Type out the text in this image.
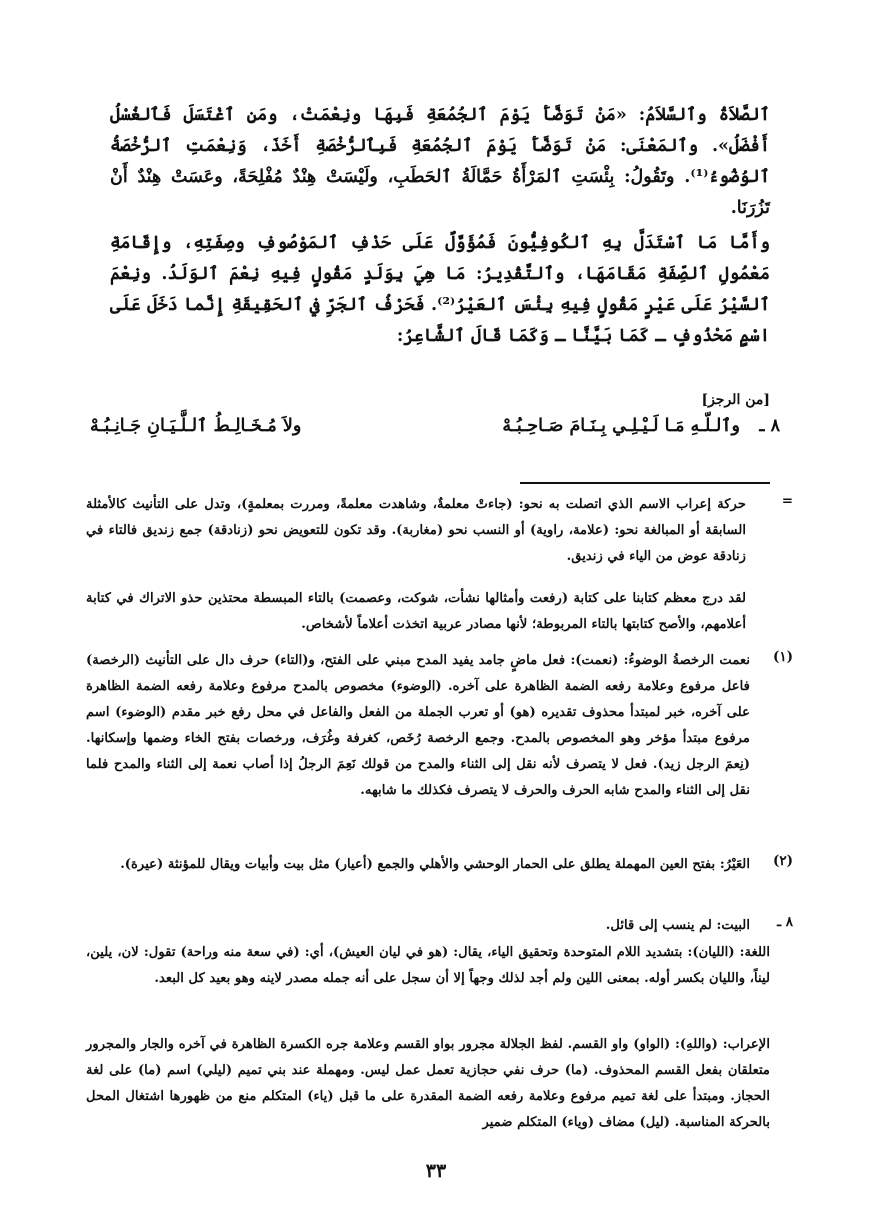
ٱلصَّلاَةُ وٱلسَّلاَمُ: «مَنْ تَوَضَّأَ يَوْمَ ٱلجُمُعَةِ فَبِهَا ونِعْمَتْ، ومَنِ ٱغْتَسَلَ فَٱلغُسْلُ أَفْضَلُ». وٱلمَعْنَى: مَنْ تَوَضَّأَ يَوْمَ ٱلجُمُعَةِ فَبِٱلرُّخْصَةِ أَخَذَ، وَنِعْمَتِ ٱلرُّخْصَةُ ٱلوُضُوءُ⁽¹⁾. وتَقُولُ: بِئْسَتِ ٱلمَرْأَةُ حَمَّالَةُ ٱلحَطَبِ، ولَيْسَتْ هِنْدٌ مُفْلِحَةً، وعَسَتْ هِنْدٌ أَنْ تَزُرَنَا.

وأَمَّا مَا ٱسْتَدَلَّ بِهِ ٱلكُوفِيُّونَ فَمُؤَوَّلٌ عَلَى حَذْفِ ٱلمَوْصُوفِ وصِفَتِهِ، وإِقَامَةِ مَعْمُولِ ٱلصِّفَةِ مَقَامَهَا، وٱلتَّقْدِيرُ: مَا هِيَ بِوَلَدٍ مَقُولٍ فِيهِ نِعْمَ ٱلوَلَدُ. ونِعْمَ ٱلسَّيْرُ عَلَى عَيْرٍ مَقُولٍ فِيهِ بِئْسَ ٱلعَيْرُ⁽²⁾. فَحَرْفُ ٱلجَرِّ في ٱلحَقِيقَةِ إِنَّما دَخَلَ عَلَى اسْمٍ مَحْذُوفٍ ـ كَمَا بَيَّنَّا ـ وَكَمَا قَالَ ٱلشَّاعِرُ:

[من الرجز]
٨ ـ
وٱلـلّـهِ مَـا لَـيْـلِـي بِـنَـامَ صَـاحِـبُـهْ
ولاَ مُـخَـالِـطُ ٱلـلَّـيَـانِ جَـانِـبُـهْ
=

حركة إعراب الاسم الذي اتصلت به نحو: (جاءتْ معلمةٌ، وشاهدت معلمةً، ومررت بمعلمةٍ)، وتدل على التأنيث كالأمثلة السابقة أو المبالغة نحو: (علامة، راوية) أو النسب نحو (مغاربة). وقد تكون للتعويض نحو (زنادقة) جمع زنديق فالتاء في زنادقة عوض من الياء في زنديق.

لقد درج معظم كتابنا على كتابة (رفعت وأمثالها نشأت، شوكت، وعصمت) بالتاء المبسطة محتذين حذو الاتراك في كتابة أعلامهم، والأصح كتابتها بالتاء المربوطة؛ لأنها مصادر عربية اتخذت أعلاماً لأشخاص.

(١)

نعمت الرخصةُ الوضوءُ: (نعمت): فعل ماضٍ جامد يفيد المدح مبني على الفتح، و(التاء) حرف دال على التأنيث (الرخصة) فاعل مرفوع وعلامة رفعه الضمة الظاهرة على آخره. (الوضوء) مخصوص بالمدح مرفوع وعلامة رفعه الضمة الظاهرة على آخره، خبر لمبتدأ محذوف تقديره (هو) أو تعرب الجملة من الفعل والفاعل في محل رفع خبر مقدم (الوضوء) اسم مرفوع مبتدأ مؤخر وهو المخصوص بالمدح. وجمع الرخصة رُخَص، كغرفة وغُرَف، ورخصات بفتح الخاء وضمها وإسكانها. (نِعمَ الرجل زيد). فعل لا يتصرف لأنه نقل إلى الثناء والمدح من قولك نَعِمَ الرجلُ إذا أصاب نعمة إلى الثناء والمدح فلما نقل إلى الثناء والمدح شابه الحرف والحرف لا يتصرف فكذلك ما شابهه.

(٢)

العَيْرُ: بفتح العين المهملة يطلق على الحمار الوحشي والأهلي والجمع (أعيار) مثل بيت وأبيات ويقال للمؤنثة (عيرة).

٨ ـ

البيت: لم ينسب إلى قائل.

اللغة: (الليان): بتشديد اللام المتوحدة وتحقيق الياء، يقال: (هو في ليان العيش)، أي: (في سعة منه وراحة) تقول: لان، يلين، ليناً، والليان بكسر أوله. بمعنى اللين ولم أجد لذلك وجهاً إلا أن سجل على أنه جمله مصدر لاينه وهو بعيد كل البعد.

الإعراب: (واللهِ): (الواو) واو القسم. لفظ الجلالة مجرور بواو القسم وعلامة جره الكسرة الظاهرة في آخره والجار والمجرور متعلقان بفعل القسم المحذوف. (ما) حرف نفي حجازية تعمل عمل ليس. ومهملة عند بني تميم (ليلي) اسم (ما) على لغة الحجاز. ومبتدأ على لغة تميم مرفوع وعلامة رفعه الضمة المقدرة على ما قبل (ياء) المتكلم منع من ظهورها اشتغال المحل بالحركة المناسبة. (ليل) مضاف (وياء) المتكلم ضمير

٣٣
